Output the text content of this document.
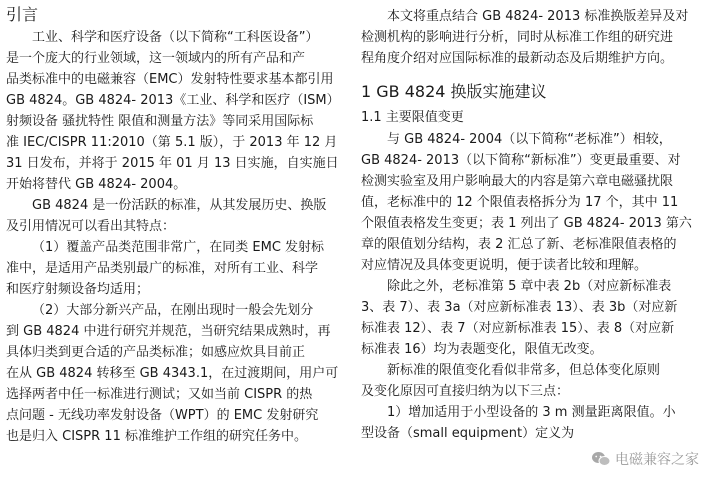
引言
工业、科学和医疗设备（以下简称“工科医设备”）
是一个庞大的行业领域，这一领域内的所有产品和产
品类标准中的电磁兼容（EMC）发射特性要求基本都引用
GB 4824。GB 4824- 2013《工业、科学和医疗（ISM）
射频设备 骚扰特性 限值和测量方法》等同采用国际标
准 IEC/CISPR 11:2010（第 5.1 版），于 2013 年 12 月
31 日发布，并将于 2015 年 01 月 13 日实施，自实施日
开始将替代 GB 4824- 2004。
GB 4824 是一份活跃的标准，从其发展历史、换版
及引用情况可以看出其特点：
（1）覆盖产品类范围非常广，在同类 EMC 发射标
准中，是适用产品类别最广的标准，对所有工业、科学
和医疗射频设备均适用；
（2）大部分新兴产品，在刚出现时一般会先划分
到 GB 4824 中进行研究并规范，当研究结果成熟时，再
具体归类到更合适的产品类标准；如感应炊具目前正
在从 GB 4824 转移至 GB 4343.1，在过渡期间，用户可
选择两者中任一标准进行测试；又如当前 CISPR 的热
点问题 - 无线功率发射设备（WPT）的 EMC 发射研究
也是归入 CISPR 11 标准维护工作组的研究任务中。
本文将重点结合 GB 4824- 2013 标准换版差异及对
检测机构的影响进行分析，同时从标准工作组的研究进
程角度介绍对应国际标准的最新动态及后期维护方向。
1 GB 4824 换版实施建议
1.1 主要限值变更
与 GB 4824- 2004（以下简称“老标准”）相较，
GB 4824- 2013（以下简称“新标准”）变更最重要、对
检测实验室及用户影响最大的内容是第六章电磁骚扰限
值，老标准中的 12 个限值表格拆分为 17 个，其中 11
个限值表格发生变更；表 1 列出了 GB 4824- 2013 第六
章的限值划分结构，表 2 汇总了新、老标准限值表格的
对应情况及具体变更说明，便于读者比较和理解。
除此之外，老标准第 5 章中表 2b（对应新标准表
3、表 7）、表 3a（对应新标准表 13）、表 3b（对应新
标准表 12）、表 7（对应新标准表 15）、表 8（对应新
标准表 16）均为表题变化，限值无改变。
新标准的限值变化看似非常多，但总体变化原则
及变化原因可直接归纳为以下三点：
1）增加适用于小型设备的 3 m 测量距离限值。小
型设备（small equipment）定义为
电磁兼容之家
